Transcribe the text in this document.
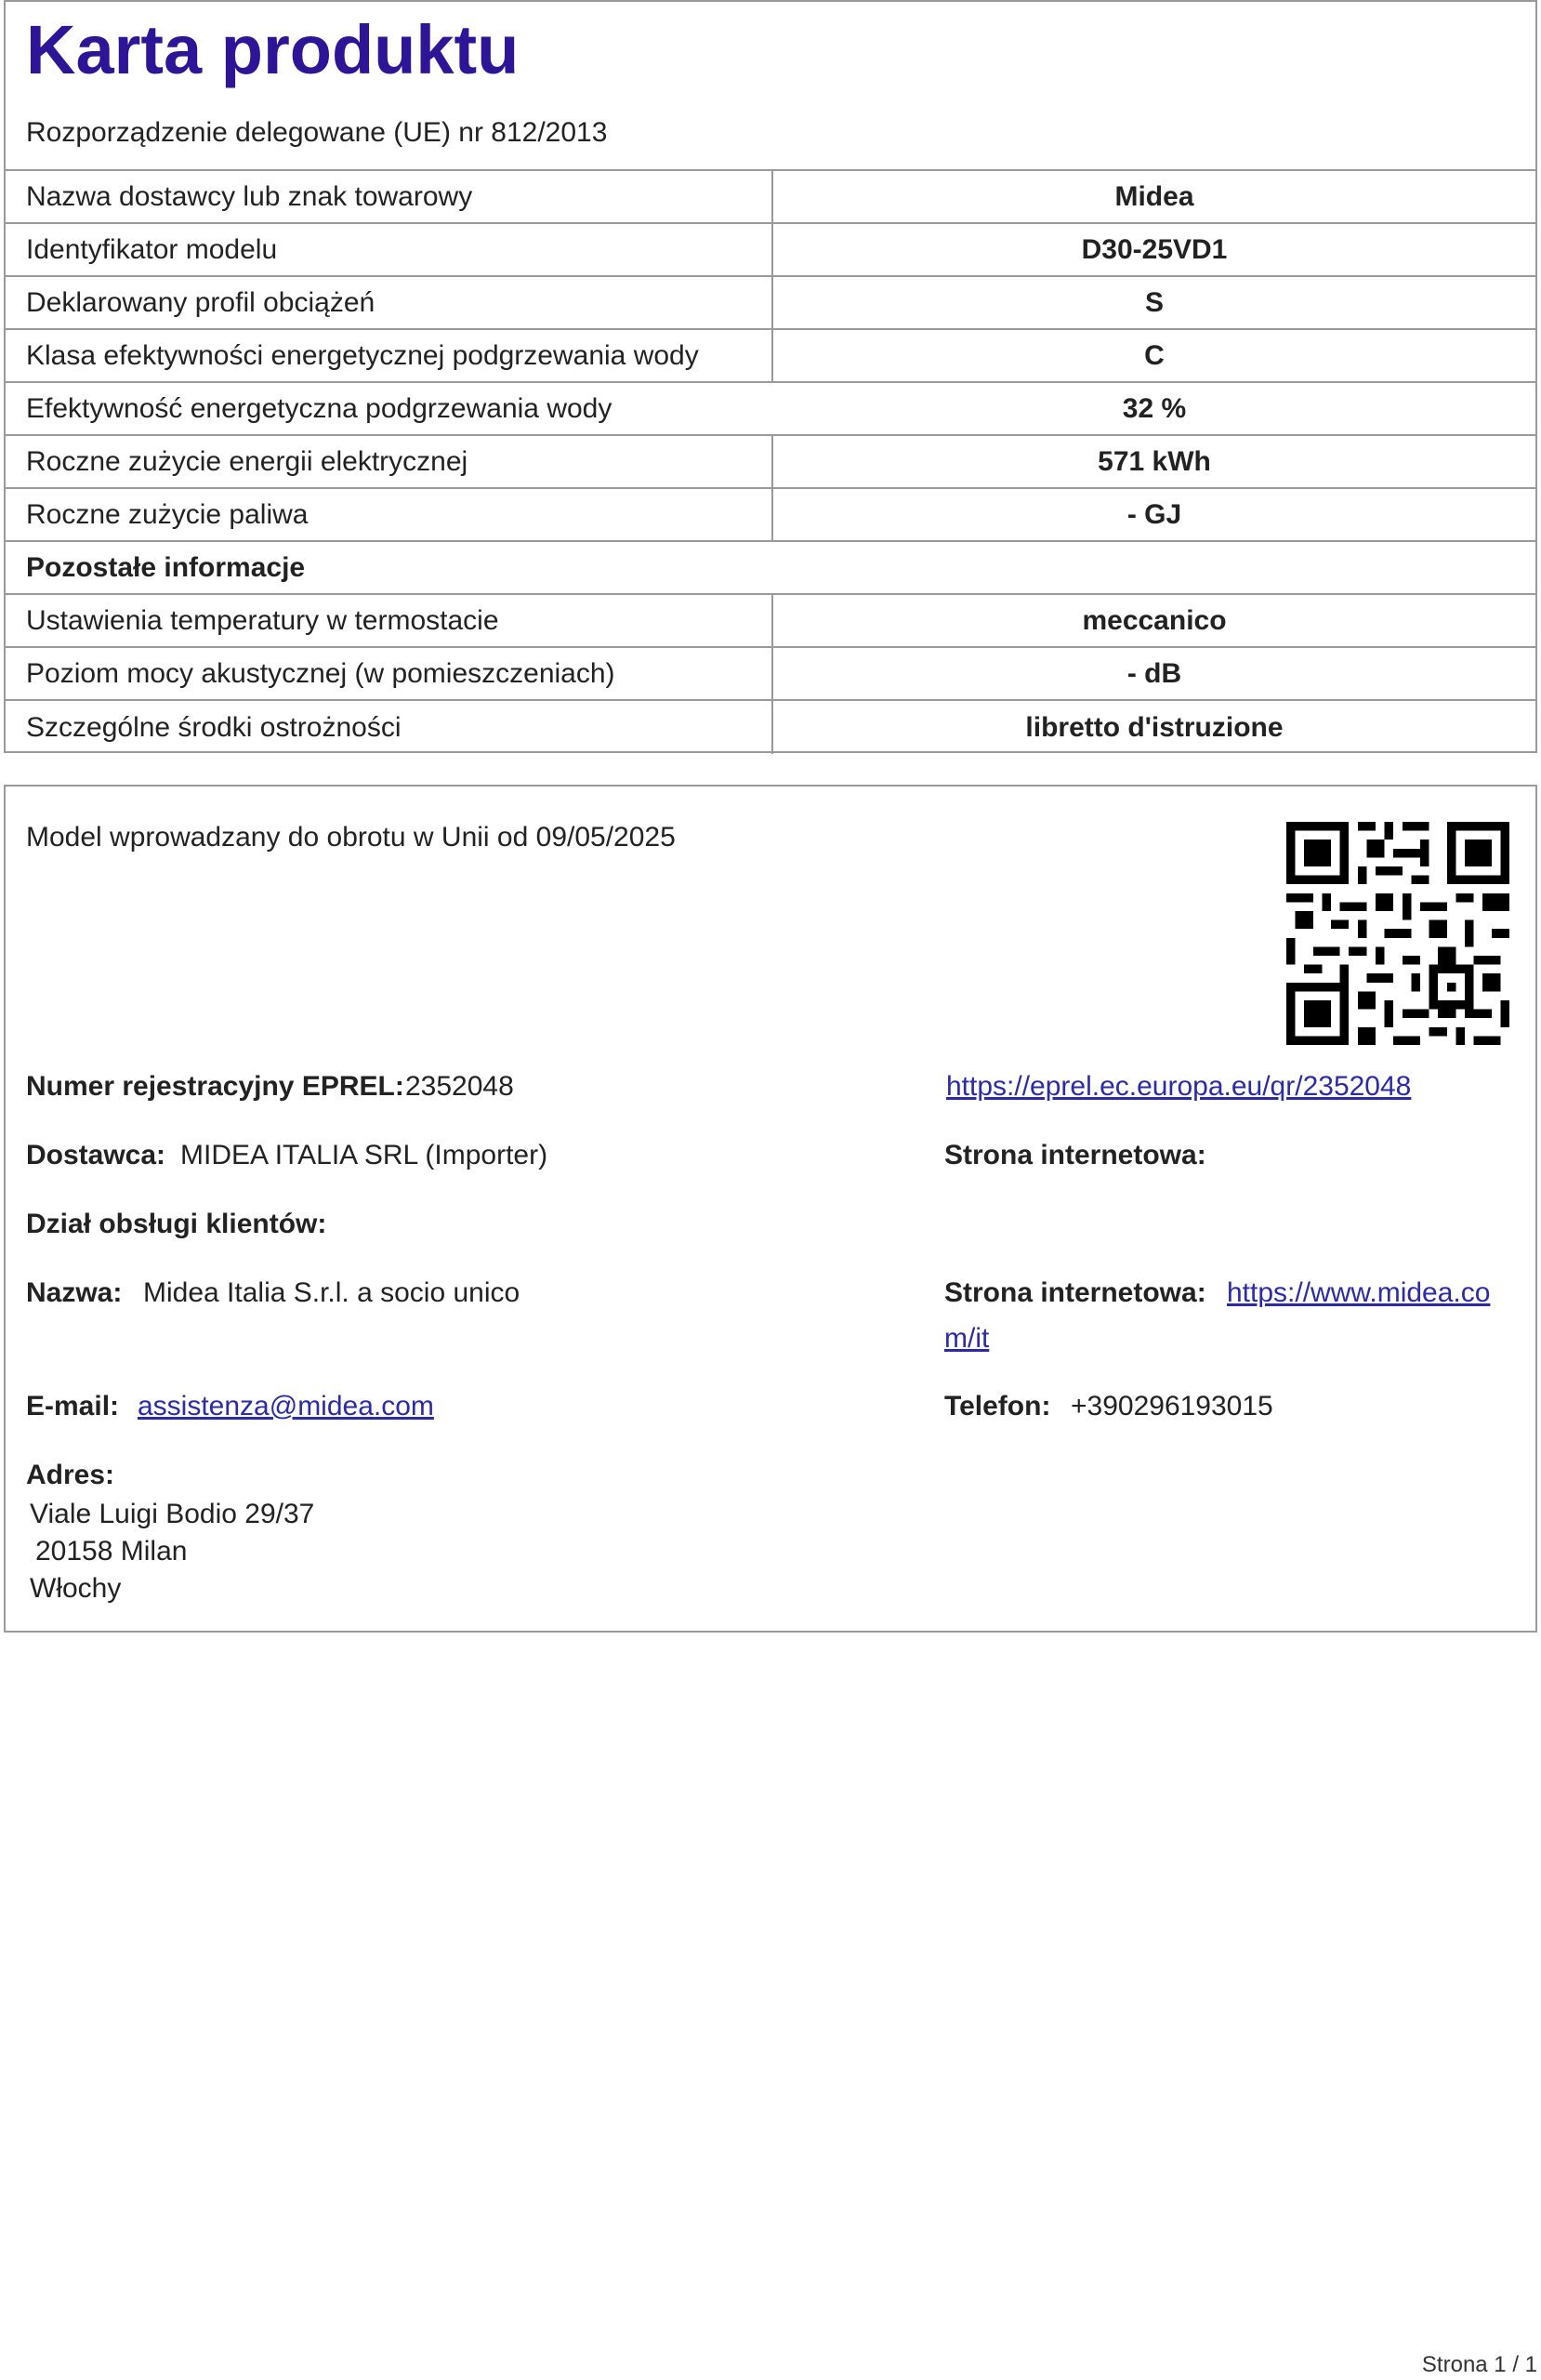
Karta produktu
Rozporządzenie delegowane (UE) nr 812/2013
Nazwa dostawcy lub znak towarowy	Midea
Identyfikator modelu	D30-25VD1
Deklarowany profil obciążeń	S
Klasa efektywności energetycznej podgrzewania wody	C
Efektywność energetyczna podgrzewania wody	32 %
Roczne zużycie energii elektrycznej	571 kWh
Roczne zużycie paliwa	- GJ
Pozostałe informacje
Ustawienia temperatury w termostacie	meccanico
Poziom mocy akustycznej (w pomieszczeniach)	- dB
Szczególne środki ostrożności	libretto d'istruzione
Model wprowadzany do obrotu w Unii od 09/05/2025
Numer rejestracyjny EPREL: 2352048	https://eprel.ec.europa.eu/qr/2352048
Dostawca: MIDEA ITALIA SRL (Importer)	Strona internetowa:
Dział obsługi klientów:
Nazwa: Midea Italia S.r.l. a socio unico	Strona internetowa: https://www.midea.co
m/it
E-mail: assistenza@midea.com	Telefon: +390296193015
Adres:
Viale Luigi Bodio 29/37
20158 Milan
Włochy
Strona 1 / 1
